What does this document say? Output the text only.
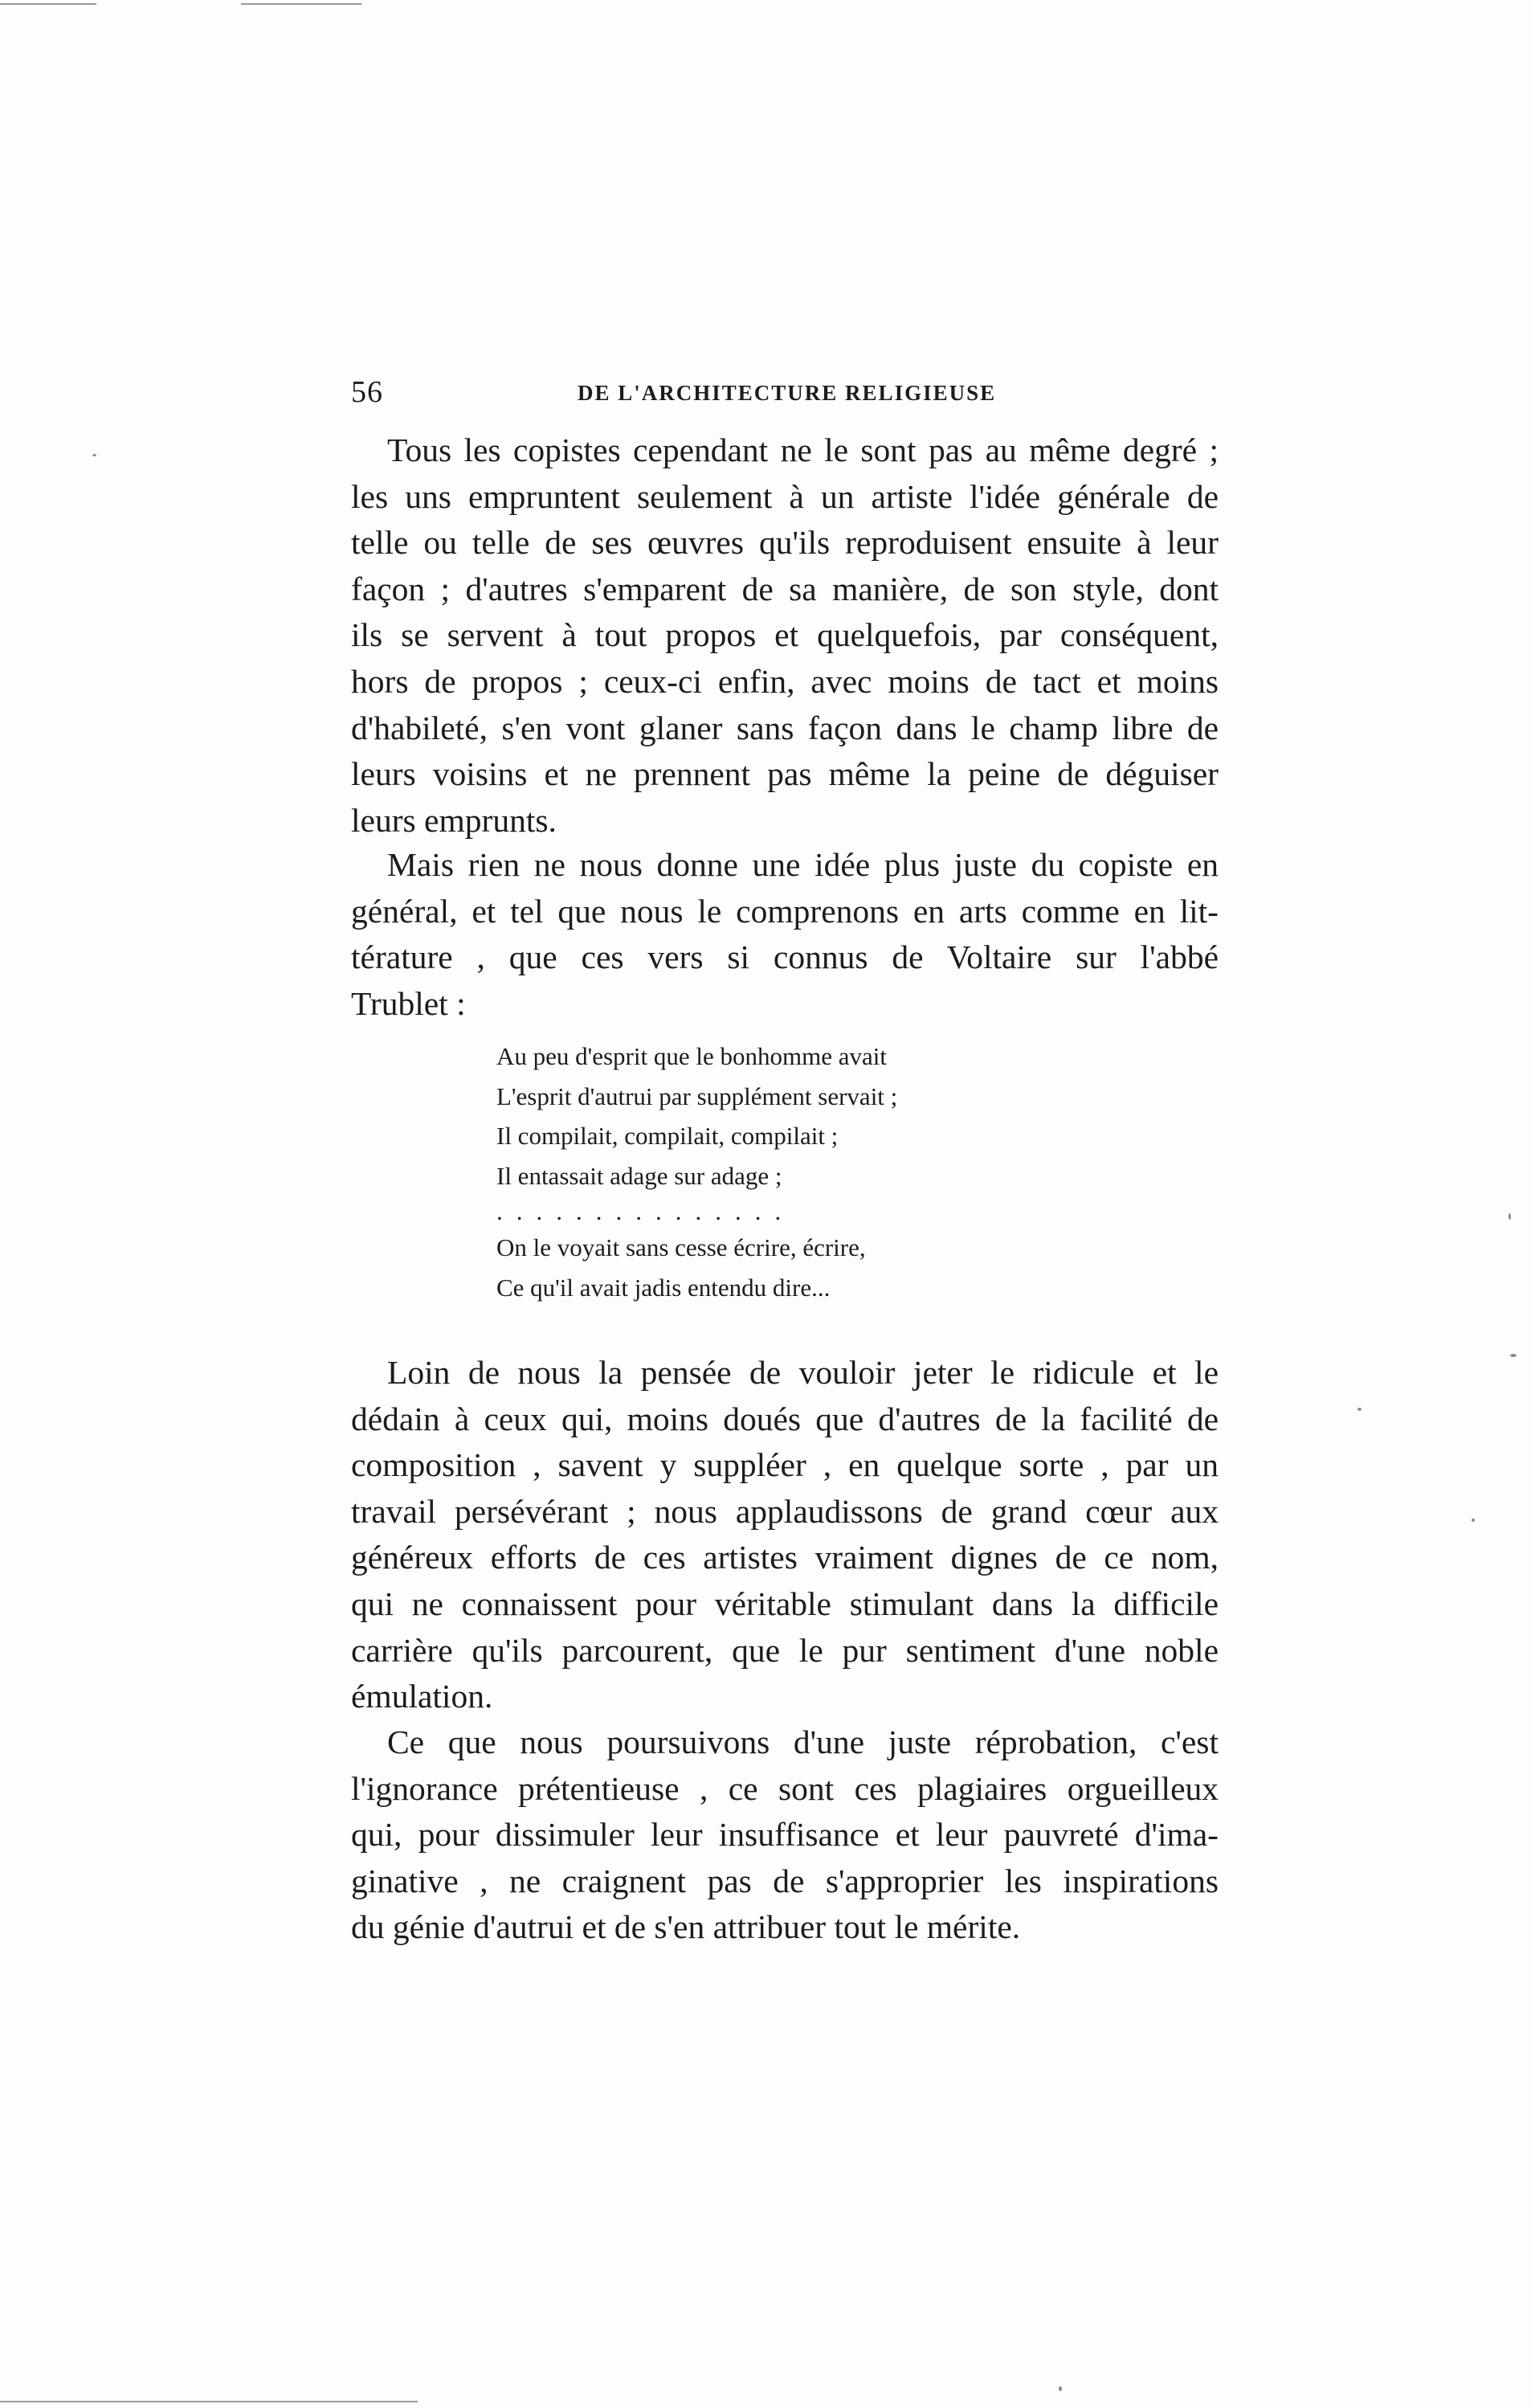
56	DE L'ARCHITECTURE RELIGIEUSE
Tous les copistes cependant ne le sont pas au même degré ;
les uns empruntent seulement à un artiste l'idée générale de
telle ou telle de ses œuvres qu'ils reproduisent ensuite à leur
façon ; d'autres s'emparent de sa manière, de son style, dont
ils se servent à tout propos et quelquefois, par conséquent,
hors de propos ; ceux-ci enfin, avec moins de tact et moins
d'habileté, s'en vont glaner sans façon dans le champ libre de
leurs voisins et ne prennent pas même la peine de déguiser
leurs emprunts.
Mais rien ne nous donne une idée plus juste du copiste en
général, et tel que nous le comprenons en arts comme en lit-
térature , que ces vers si connus de Voltaire sur l'abbé
Trublet :
Au peu d'esprit que le bonhomme avait
L'esprit d'autrui par supplément servait ;
Il compilait, compilait, compilait ;
Il entassait adage sur adage ;
...............
On le voyait sans cesse écrire, écrire,
Ce qu'il avait jadis entendu dire...
Loin de nous la pensée de vouloir jeter le ridicule et le
dédain à ceux qui, moins doués que d'autres de la facilité de
composition , savent y suppléer , en quelque sorte , par un
travail persévérant ; nous applaudissons de grand cœur aux
généreux efforts de ces artistes vraiment dignes de ce nom,
qui ne connaissent pour véritable stimulant dans la difficile
carrière qu'ils parcourent, que le pur sentiment d'une noble
émulation.
Ce que nous poursuivons d'une juste réprobation, c'est
l'ignorance prétentieuse , ce sont ces plagiaires orgueilleux
qui, pour dissimuler leur insuffisance et leur pauvreté d'ima-
ginative , ne craignent pas de s'approprier les inspirations
du génie d'autrui et de s'en attribuer tout le mérite.
